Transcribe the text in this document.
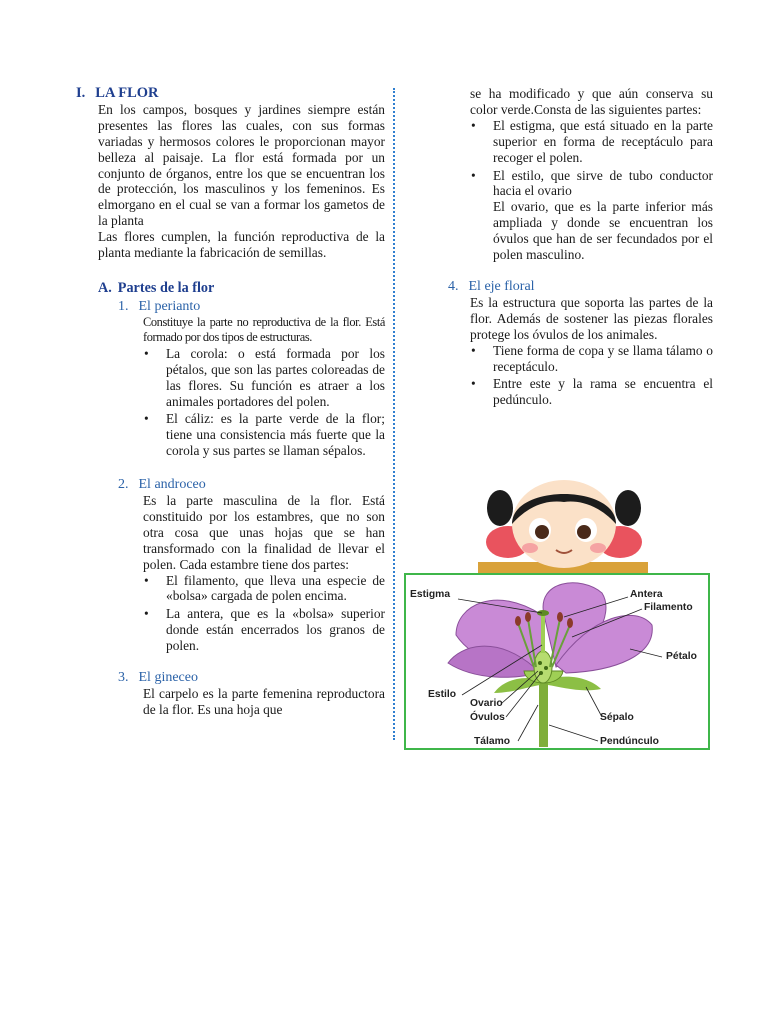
I. LA FLOR

En los campos, bosques y jardines siempre están presentes las flores las cuales, con sus formas variadas y hermosos colores le proporcionan mayor belleza al paisaje. La flor está formada por un conjunto de órganos, entre los que se encuentran los de protección, los masculinos y los femeninos. Es elmorgano en el cual se van a formar los gametos de la planta

Las flores cumplen, la función reproductiva de la planta mediante la fabricación de semillas.

A. Partes de la flor
1. El perianto

Constituye la parte no reproductiva de la flor. Está formado por dos tipos de estructuras.

• La corola: o está formada por los pétalos, que son las partes coloreadas de las flores. Su función es atraer a los animales portadores del polen.
• El cáliz: es la parte verde de la flor; tiene una consistencia más fuerte que la corola y sus partes se llaman sépalos.
2. El androceo

Es la parte masculina de la flor. Está constituido por los estambres, que no son otra cosa que unas hojas que se han transformado con la finalidad de llevar el polen. Cada estambre tiene dos partes:

• El filamento, que lleva una especie de «bolsa» cargada de polen encima.
• La antera, que es la «bolsa» superior donde están encerrados los granos de polen.
3. El gineceo

El carpelo es la parte femenina reproductora de la flor. Es una hoja que

se ha modificado y que aún conserva su color verde.Consta de las siguientes partes:

• El estigma, que está situado en la parte superior en forma de receptáculo para recoger el polen.
• El estilo, que sirve de tubo conductor hacia el ovario
El ovario, que es la parte inferior más ampliada y donde se encuentran los óvulos que han de ser fecundados por el polen masculino.
4. El eje floral

Es la estructura que soporta las partes de la flor. Además de sostener las piezas florales protege los óvulos de los animales.

• Tiene forma de copa y se llama tálamo o receptáculo.
• Entre este y la rama se encuentra el pedúnculo.
Estigma	Antera
Filamento
Pétalo
Estilo
Ovario
Óvulos	Sépalo
Tálamo	Pendúnculo
